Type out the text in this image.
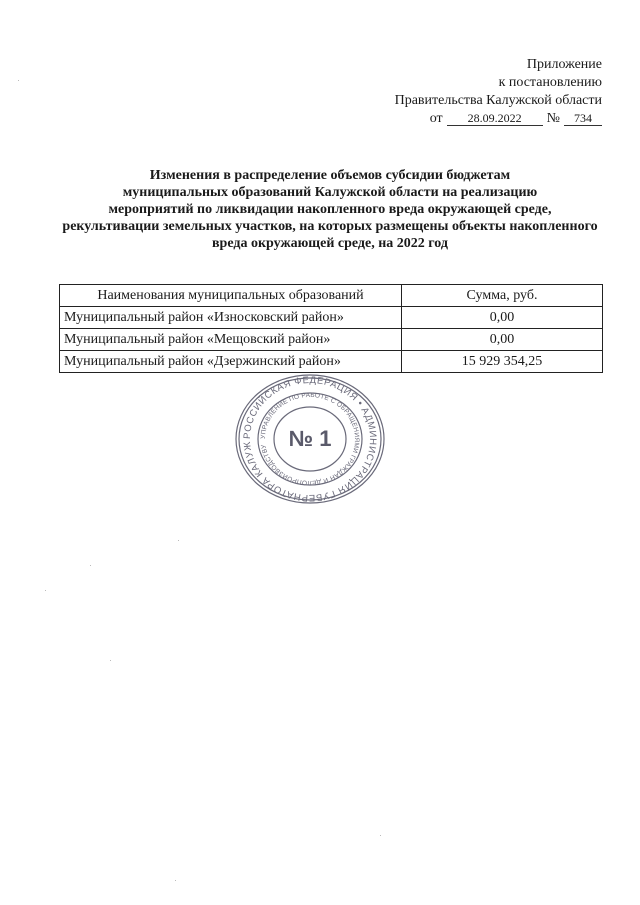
Приложение
к постановлению
Правительства Калужской области
от	28.09.2022	№	734
Изменения в распределение объемов субсидии бюджетам
муниципальных образований Калужской области на реализацию
мероприятий по ликвидации накопленного вреда окружающей среде,
рекультивации земельных участков, на которых размещены объекты накопленного
вреда окружающей среде, на 2022 год
Наименования муниципальных образований	Сумма, руб.
Муниципальный район «Износковский район»	0,00
Муниципальный район «Мещовский район»	0,00
Муниципальный район «Дзержинский район»	15 929 354,25
РОССИЙСКАЯ ФЕДЕРАЦИЯ • АДМИНИСТРАЦИЯ ГУБЕРНАТОРА КАЛУЖ
УПРАВЛЕНИЕ ПО РАБОТЕ С ОБРАЩЕНИЯМИ ГРАЖДАН И ДЕЛОПРОИЗВОДСТВУ № 1
